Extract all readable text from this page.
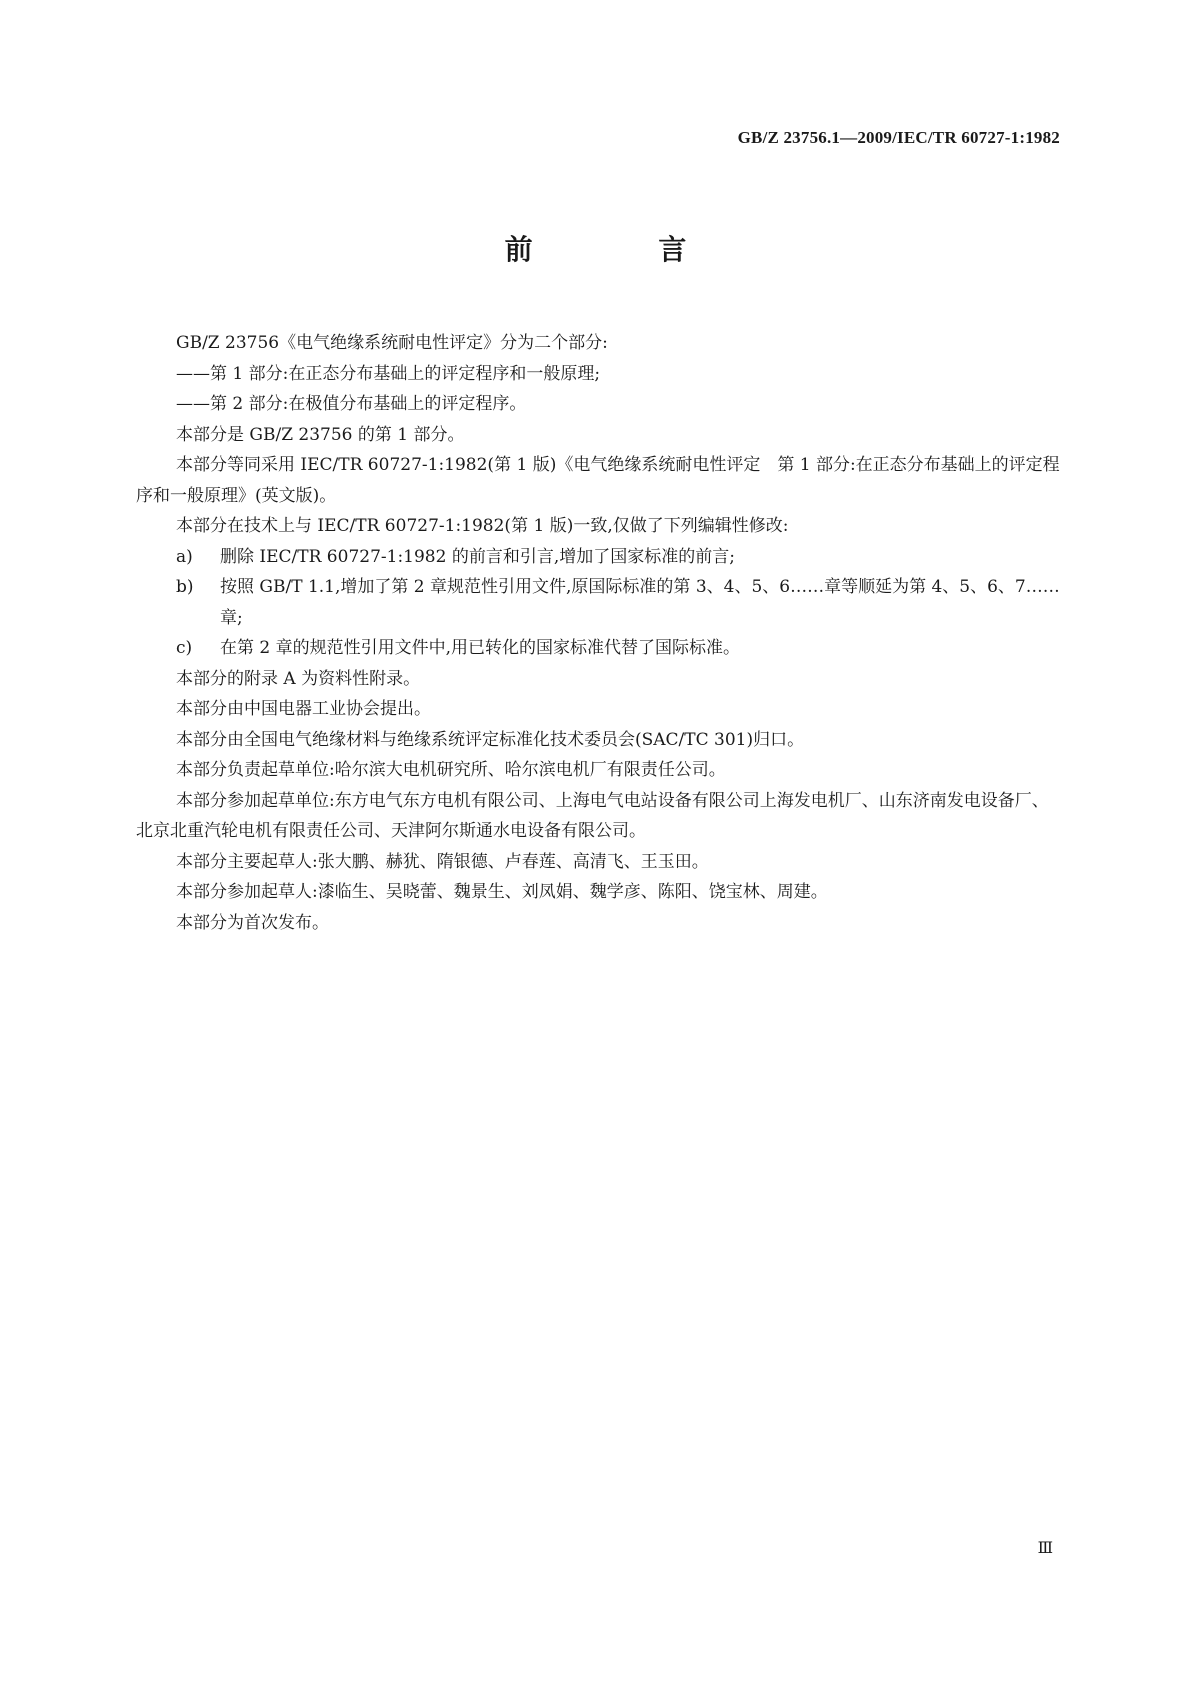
GB/Z 23756.1—2009/IEC/TR 60727-1:1982
前 言

GB/Z 23756《电气绝缘系统耐电性评定》分为二个部分:

——第 1 部分:在正态分布基础上的评定程序和一般原理;

——第 2 部分:在极值分布基础上的评定程序。

本部分是 GB/Z 23756 的第 1 部分。

本部分等同采用 IEC/TR 60727-1:1982(第 1 版)《电气绝缘系统耐电性评定　第 1 部分:在正态分布基础上的评定程序和一般原理》(英文版)。

本部分在技术上与 IEC/TR 60727-1:1982(第 1 版)一致,仅做了下列编辑性修改:

a) 删除 IEC/TR 60727-1:1982 的前言和引言,增加了国家标准的前言;
b) 按照 GB/T 1.1,增加了第 2 章规范性引用文件,原国际标准的第 3、4、5、6……章等顺延为第 4、5、6、7……章;
c) 在第 2 章的规范性引用文件中,用已转化的国家标准代替了国际标准。

本部分的附录 A 为资料性附录。

本部分由中国电器工业协会提出。

本部分由全国电气绝缘材料与绝缘系统评定标准化技术委员会(SAC/TC 301)归口。

本部分负责起草单位:哈尔滨大电机研究所、哈尔滨电机厂有限责任公司。

本部分参加起草单位:东方电气东方电机有限公司、上海电气电站设备有限公司上海发电机厂、山东济南发电设备厂、北京北重汽轮电机有限责任公司、天津阿尔斯通水电设备有限公司。

本部分主要起草人:张大鹏、赫犹、隋银德、卢春莲、高清飞、王玉田。

本部分参加起草人:漆临生、吴晓蕾、魏景生、刘凤娟、魏学彦、陈阳、饶宝林、周建。

本部分为首次发布。

Ⅲ
